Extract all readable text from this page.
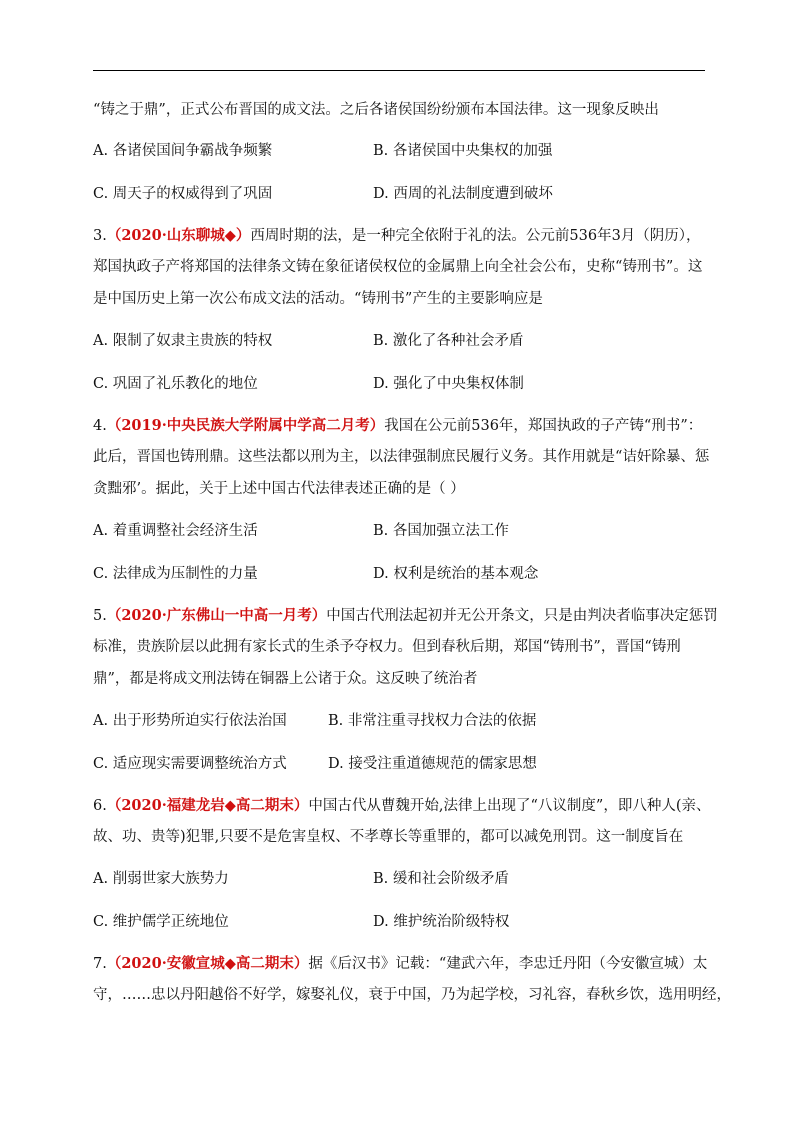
“铸之于鼎”，正式公布晋国的成文法。之后各诸侯国纷纷颁布本国法律。这一现象反映出
A. 各诸侯国间争霸战争频繁	B. 各诸侯国中央集权的加强
C. 周天子的权威得到了巩固	D. 西周的礼法制度遭到破坏
3.（2020·山东聊城◆）西周时期的法，是一种完全依附于礼的法。公元前536年3月（阴历），
郑国执政子产将郑国的法律条文铸在象征诸侯权位的金属鼎上向全社会公布，史称“铸刑书”。这
是中国历史上第一次公布成文法的活动。“铸刑书”产生的主要影响应是
A. 限制了奴隶主贵族的特权	B. 激化了各种社会矛盾
C. 巩固了礼乐教化的地位	D. 强化了中央集权体制
4.（2019·中央民族大学附属中学高二月考）我国在公元前536年，郑国执政的子产铸“刑书”：
此后，晋国也铸刑鼎。这些法都以刑为主，以法律强制庶民履行义务。其作用就是“诘奸除暴、惩
贪黜邪’。据此，关于上述中国古代法律表述正确的是（ ）
A. 着重调整社会经济生活	B. 各国加强立法工作
C. 法律成为压制性的力量	D. 权利是统治的基本观念
5.（2020·广东佛山一中高一月考）中国古代刑法起初并无公开条文，只是由判决者临事决定惩罚
标准，贵族阶层以此拥有家长式的生杀予夺权力。但到春秋后期，郑国“铸刑书”，晋国“铸刑
鼎”，都是将成文刑法铸在铜器上公诸于众。这反映了统治者
A. 出于形势所迫实行依法治国	B. 非常注重寻找权力合法的依据
C. 适应现实需要调整统治方式	D. 接受注重道德规范的儒家思想
6.（2020·福建龙岩◆高二期末）中国古代从曹魏开始,法律上出现了“八议制度”，即八种人(亲、
故、功、贵等)犯罪,只要不是危害皇权、不孝尊长等重罪的，都可以减免刑罚。这一制度旨在
A. 削弱世家大族势力	B. 缓和社会阶级矛盾
C. 维护儒学正统地位	D. 维护统治阶级特权
7.（2020·安徽宣城◆高二期末）据《后汉书》记载：“建武六年，李忠迁丹阳（今安徽宣城）太
守，……忠以丹阳越俗不好学，嫁娶礼仪，衰于中国，乃为起学校，习礼容，春秋乡饮，选用明经，
